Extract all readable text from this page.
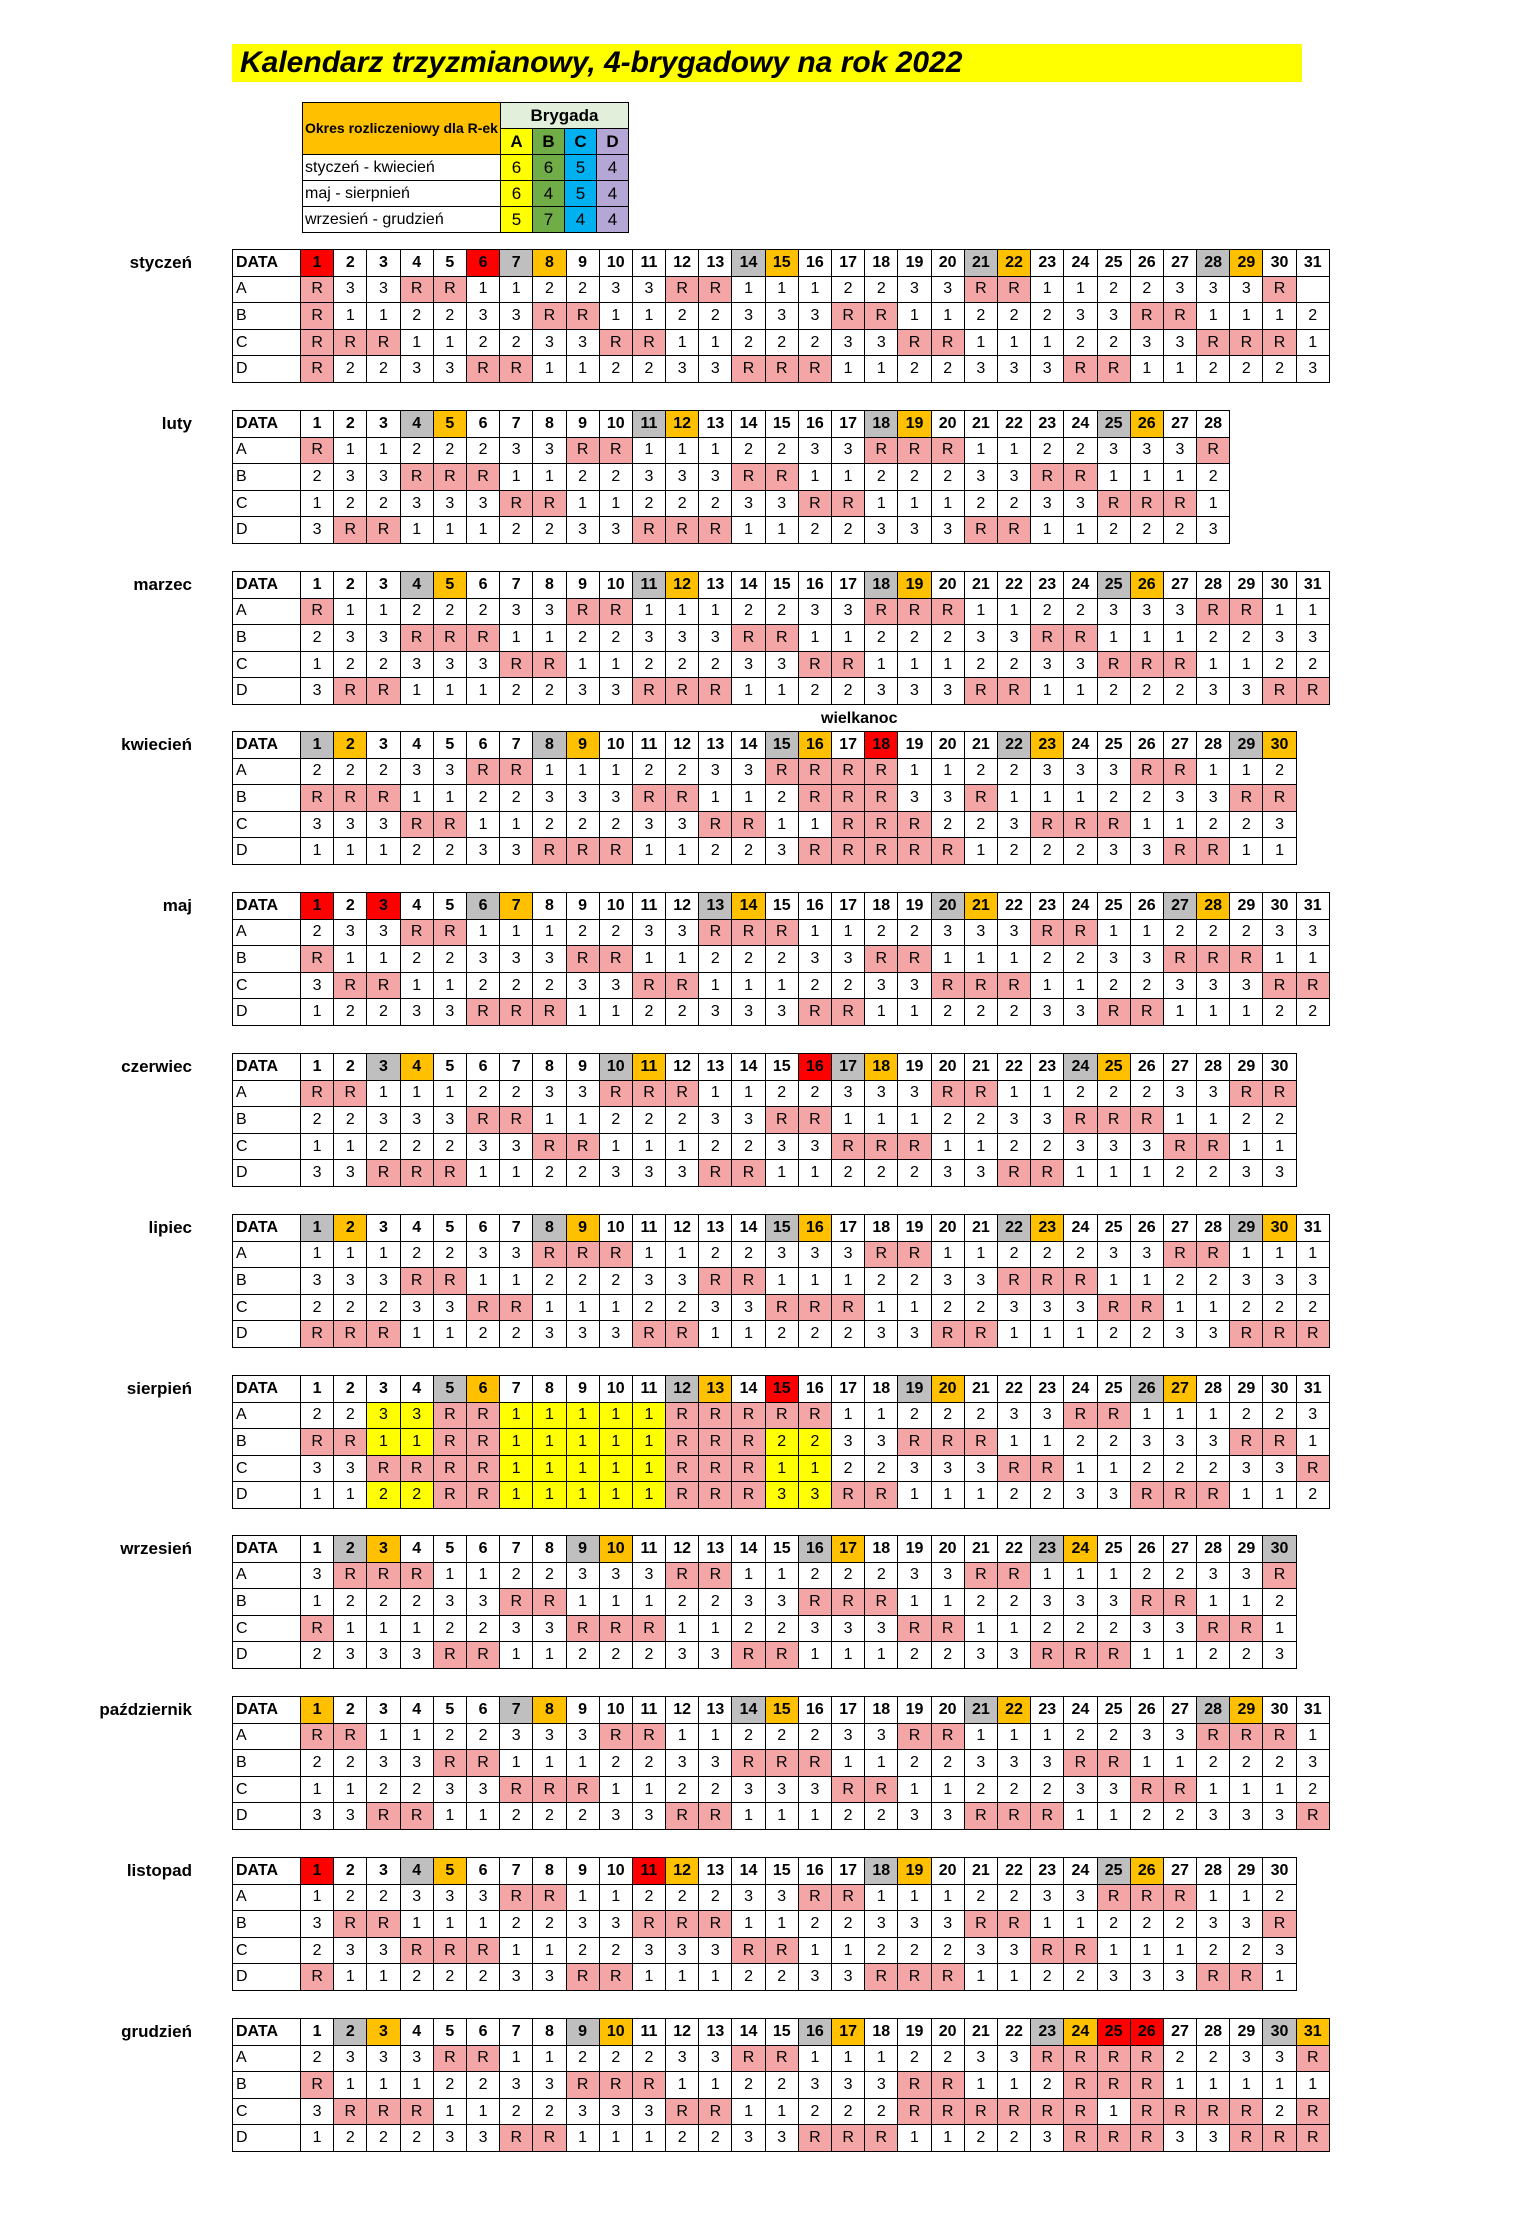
Kalendarz trzyzmianowy, 4-brygadowy na rok 2022
Okres rozliczeniowy dla R-ek	Brygada			
	A	B	C	D
styczeń - kwiecień	6	6	5	4
maj - sierpnień	6	4	5	4
wrzesień - grudzień	5	7	4	4
styczeń	DATA	1	2	3	4	5	6	7	8	9	10	11	12	13	14	15	16	17	18	19	20	21	22	23	24	25	26	27	28	29	30	31
A	R	3	3	R	R	1	1	2	2	3	3	R	R	1	1	1	2	2	3	3	R	R	1	1	2	2	3	3	3	R	
B	R	1	1	2	2	3	3	R	R	1	1	2	2	3	3	3	R	R	1	1	2	2	2	3	3	R	R	1	1	1	2
C	R	R	R	1	1	2	2	3	3	R	R	1	1	2	2	2	3	3	R	R	1	1	1	2	2	3	3	R	R	R	1
D	R	2	2	3	3	R	R	1	1	2	2	3	3	R	R	R	1	1	2	2	3	3	3	R	R	1	1	2	2	2	3
luty	DATA	1	2	3	4	5	6	7	8	9	10	11	12	13	14	15	16	17	18	19	20	21	22	23	24	25	26	27	28
A	R	1	1	2	2	2	3	3	R	R	1	1	1	2	2	3	3	R	R	R	1	1	2	2	3	3	3	R
B	2	3	3	R	R	R	1	1	2	2	3	3	3	R	R	1	1	2	2	2	3	3	R	R	1	1	1	2
C	1	2	2	3	3	3	R	R	1	1	2	2	2	3	3	R	R	1	1	1	2	2	3	3	R	R	R	1
D	3	R	R	1	1	1	2	2	3	3	R	R	R	1	1	2	2	3	3	3	R	R	1	1	2	2	2	3
marzec	DATA	1	2	3	4	5	6	7	8	9	10	11	12	13	14	15	16	17	18	19	20	21	22	23	24	25	26	27	28	29	30	31
A	R	1	1	2	2	2	3	3	R	R	1	1	1	2	2	3	3	R	R	R	1	1	2	2	3	3	3	R	R	1	1
B	2	3	3	R	R	R	1	1	2	2	3	3	3	R	R	1	1	2	2	2	3	3	R	R	1	1	1	2	2	3	3
C	1	2	2	3	3	3	R	R	1	1	2	2	2	3	3	R	R	1	1	1	2	2	3	3	R	R	R	1	1	2	2
D	3	R	R	1	1	1	2	2	3	3	R	R	R	1	1	2	2	3	3	3	R	R	1	1	2	2	2	3	3	R	R
kwiecień	DATA	1	2	3	4	5	6	7	8	9	10	11	12	13	14	15	16	17	18	19	20	21	22	23	24	25	26	27	28	29	30
A	2	2	2	3	3	R	R	1	1	1	2	2	3	3	R	R	R	R	1	1	2	2	3	3	3	R	R	1	1	2
B	R	R	R	1	1	2	2	3	3	3	R	R	1	1	2	R	R	R	3	3	R	1	1	1	2	2	3	3	R	R
C	3	3	3	R	R	1	1	2	2	2	3	3	R	R	1	1	R	R	R	2	2	3	R	R	R	1	1	2	2	3
D	1	1	1	2	2	3	3	R	R	R	1	1	2	2	3	R	R	R	R	R	1	2	2	2	3	3	R	R	1	1
wielkanoc
maj	DATA	1	2	3	4	5	6	7	8	9	10	11	12	13	14	15	16	17	18	19	20	21	22	23	24	25	26	27	28	29	30	31
A	2	3	3	R	R	1	1	1	2	2	3	3	R	R	R	1	1	2	2	3	3	3	R	R	1	1	2	2	2	3	3
B	R	1	1	2	2	3	3	3	R	R	1	1	2	2	2	3	3	R	R	1	1	1	2	2	3	3	R	R	R	1	1
C	3	R	R	1	1	2	2	2	3	3	R	R	1	1	1	2	2	3	3	R	R	R	1	1	2	2	3	3	3	R	R
D	1	2	2	3	3	R	R	R	1	1	2	2	3	3	3	R	R	1	1	2	2	2	3	3	R	R	1	1	1	2	2
czerwiec	DATA	1	2	3	4	5	6	7	8	9	10	11	12	13	14	15	16	17	18	19	20	21	22	23	24	25	26	27	28	29	30
A	R	R	1	1	1	2	2	3	3	R	R	R	1	1	2	2	3	3	3	R	R	1	1	2	2	2	3	3	R	R
B	2	2	3	3	3	R	R	1	1	2	2	2	3	3	R	R	1	1	1	2	2	3	3	R	R	R	1	1	2	2
C	1	1	2	2	2	3	3	R	R	1	1	1	2	2	3	3	R	R	R	1	1	2	2	3	3	3	R	R	1	1
D	3	3	R	R	R	1	1	2	2	3	3	3	R	R	1	1	2	2	2	3	3	R	R	1	1	1	2	2	3	3
lipiec	DATA	1	2	3	4	5	6	7	8	9	10	11	12	13	14	15	16	17	18	19	20	21	22	23	24	25	26	27	28	29	30	31
A	1	1	1	2	2	3	3	R	R	R	1	1	2	2	3	3	3	R	R	1	1	2	2	2	3	3	R	R	1	1	1
B	3	3	3	R	R	1	1	2	2	2	3	3	R	R	1	1	1	2	2	3	3	R	R	R	1	1	2	2	3	3	3
C	2	2	2	3	3	R	R	1	1	1	2	2	3	3	R	R	R	1	1	2	2	3	3	3	R	R	1	1	2	2	2
D	R	R	R	1	1	2	2	3	3	3	R	R	1	1	2	2	2	3	3	R	R	1	1	1	2	2	3	3	R	R	R
sierpień	DATA	1	2	3	4	5	6	7	8	9	10	11	12	13	14	15	16	17	18	19	20	21	22	23	24	25	26	27	28	29	30	31
A	2	2	3	3	R	R	1	1	1	1	1	R	R	R	R	R	1	1	2	2	2	3	3	R	R	1	1	1	2	2	3
B	R	R	1	1	R	R	1	1	1	1	1	R	R	R	2	2	3	3	R	R	R	1	1	2	2	3	3	3	R	R	1
C	3	3	R	R	R	R	1	1	1	1	1	R	R	R	1	1	2	2	3	3	3	R	R	1	1	2	2	2	3	3	R
D	1	1	2	2	R	R	1	1	1	1	1	R	R	R	3	3	R	R	1	1	1	2	2	3	3	R	R	R	1	1	2
wrzesień	DATA	1	2	3	4	5	6	7	8	9	10	11	12	13	14	15	16	17	18	19	20	21	22	23	24	25	26	27	28	29	30
A	3	R	R	R	1	1	2	2	3	3	3	R	R	1	1	2	2	2	3	3	R	R	1	1	1	2	2	3	3	R
B	1	2	2	2	3	3	R	R	1	1	1	2	2	3	3	R	R	R	1	1	2	2	3	3	3	R	R	1	1	2
C	R	1	1	1	2	2	3	3	R	R	R	1	1	2	2	3	3	3	R	R	1	1	2	2	2	3	3	R	R	1
D	2	3	3	3	R	R	1	1	2	2	2	3	3	R	R	1	1	1	2	2	3	3	R	R	R	1	1	2	2	3
październik	DATA	1	2	3	4	5	6	7	8	9	10	11	12	13	14	15	16	17	18	19	20	21	22	23	24	25	26	27	28	29	30	31
A	R	R	1	1	2	2	3	3	3	R	R	1	1	2	2	2	3	3	R	R	1	1	1	2	2	3	3	R	R	R	1
B	2	2	3	3	R	R	1	1	1	2	2	3	3	R	R	R	1	1	2	2	3	3	3	R	R	1	1	2	2	2	3
C	1	1	2	2	3	3	R	R	R	1	1	2	2	3	3	3	R	R	1	1	2	2	2	3	3	R	R	1	1	1	2
D	3	3	R	R	1	1	2	2	2	3	3	R	R	1	1	1	2	2	3	3	R	R	R	1	1	2	2	3	3	3	R
listopad	DATA	1	2	3	4	5	6	7	8	9	10	11	12	13	14	15	16	17	18	19	20	21	22	23	24	25	26	27	28	29	30
A	1	2	2	3	3	3	R	R	1	1	2	2	2	3	3	R	R	1	1	1	2	2	3	3	R	R	R	1	1	2
B	3	R	R	1	1	1	2	2	3	3	R	R	R	1	1	2	2	3	3	3	R	R	1	1	2	2	2	3	3	R
C	2	3	3	R	R	R	1	1	2	2	3	3	3	R	R	1	1	2	2	2	3	3	R	R	1	1	1	2	2	3
D	R	1	1	2	2	2	3	3	R	R	1	1	1	2	2	3	3	R	R	R	1	1	2	2	3	3	3	R	R	1
grudzień	DATA	1	2	3	4	5	6	7	8	9	10	11	12	13	14	15	16	17	18	19	20	21	22	23	24	25	26	27	28	29	30	31
A	2	3	3	3	R	R	1	1	2	2	2	3	3	R	R	1	1	1	2	2	3	3	R	R	R	R	2	2	3	3	R
B	R	1	1	1	2	2	3	3	R	R	R	1	1	2	2	3	3	3	R	R	1	1	2	R	R	R	1	1	1	1	1
C	3	R	R	R	1	1	2	2	3	3	3	R	R	1	1	2	2	2	R	R	R	R	R	R	1	R	R	R	R	2	R
D	1	2	2	2	3	3	R	R	1	1	1	2	2	3	3	R	R	R	1	1	2	2	3	R	R	R	3	3	R	R	R
